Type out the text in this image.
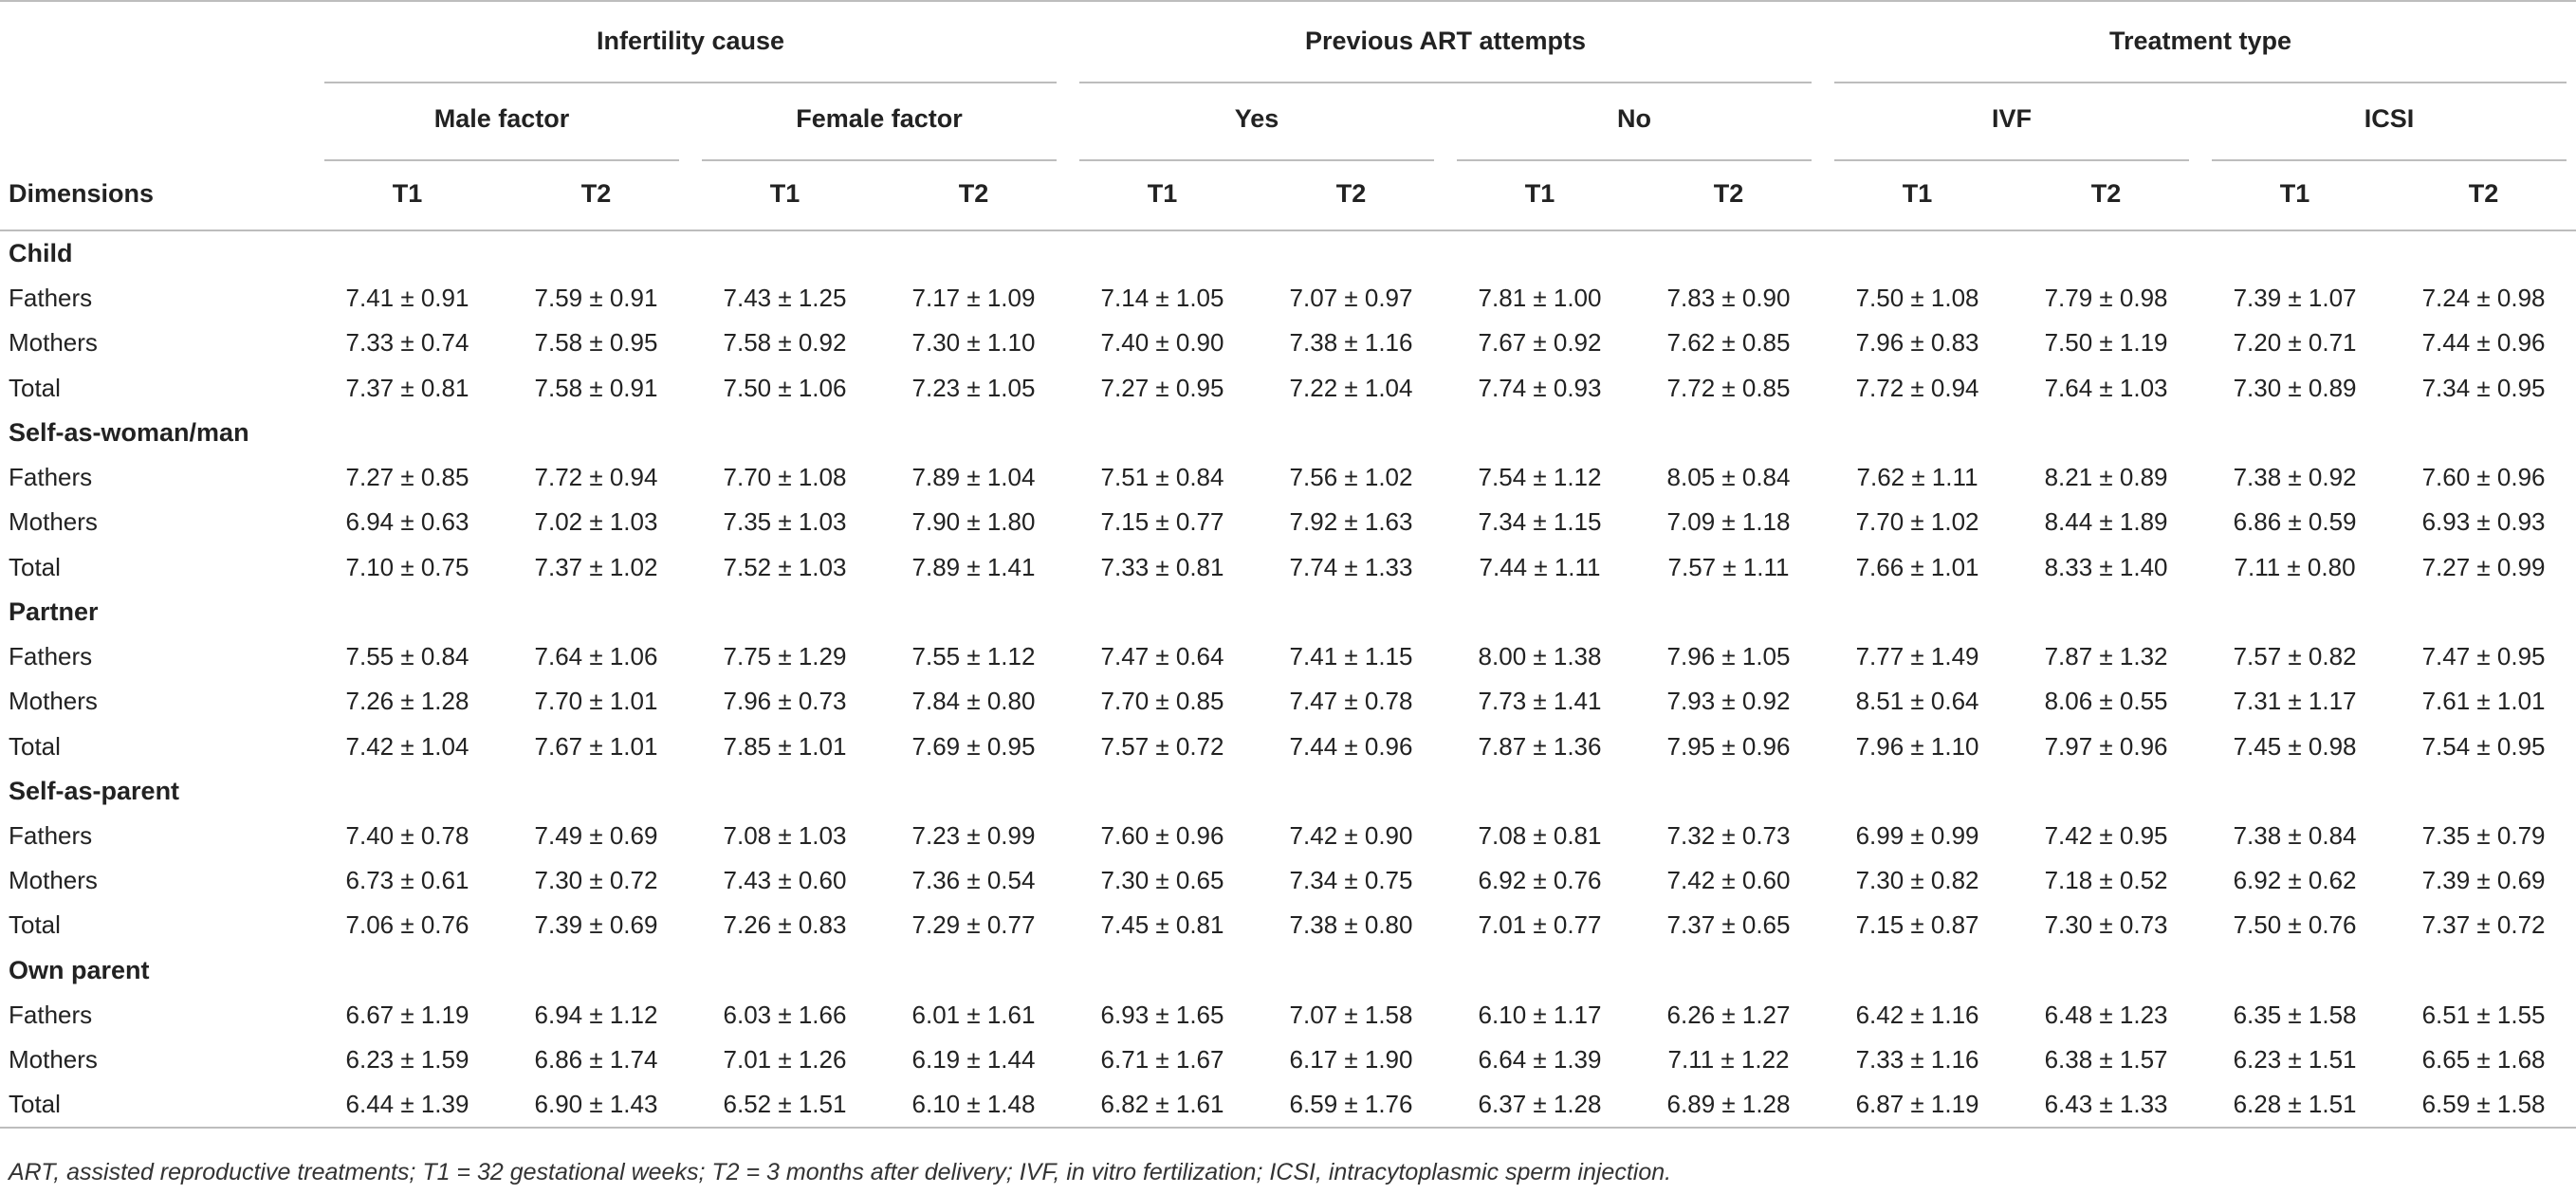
	Infertility cause				Previous ART attempts				Treatment type			

	Male factor		Female factor		Yes		No		IVF		ICSI	

Dimensions	T1	T2	T1	T2	T1	T2	T1	T2	T1	T2	T1	T2
Child												
Fathers	7.41 ± 0.91	7.59 ± 0.91	7.43 ± 1.25	7.17 ± 1.09	7.14 ± 1.05	7.07 ± 0.97	7.81 ± 1.00	7.83 ± 0.90	7.50 ± 1.08	7.79 ± 0.98	7.39 ± 1.07	7.24 ± 0.98
Mothers	7.33 ± 0.74	7.58 ± 0.95	7.58 ± 0.92	7.30 ± 1.10	7.40 ± 0.90	7.38 ± 1.16	7.67 ± 0.92	7.62 ± 0.85	7.96 ± 0.83	7.50 ± 1.19	7.20 ± 0.71	7.44 ± 0.96
Total	7.37 ± 0.81	7.58 ± 0.91	7.50 ± 1.06	7.23 ± 1.05	7.27 ± 0.95	7.22 ± 1.04	7.74 ± 0.93	7.72 ± 0.85	7.72 ± 0.94	7.64 ± 1.03	7.30 ± 0.89	7.34 ± 0.95
Self-as-woman/man												
Fathers	7.27 ± 0.85	7.72 ± 0.94	7.70 ± 1.08	7.89 ± 1.04	7.51 ± 0.84	7.56 ± 1.02	7.54 ± 1.12	8.05 ± 0.84	7.62 ± 1.11	8.21 ± 0.89	7.38 ± 0.92	7.60 ± 0.96
Mothers	6.94 ± 0.63	7.02 ± 1.03	7.35 ± 1.03	7.90 ± 1.80	7.15 ± 0.77	7.92 ± 1.63	7.34 ± 1.15	7.09 ± 1.18	7.70 ± 1.02	8.44 ± 1.89	6.86 ± 0.59	6.93 ± 0.93
Total	7.10 ± 0.75	7.37 ± 1.02	7.52 ± 1.03	7.89 ± 1.41	7.33 ± 0.81	7.74 ± 1.33	7.44 ± 1.11	7.57 ± 1.11	7.66 ± 1.01	8.33 ± 1.40	7.11 ± 0.80	7.27 ± 0.99
Partner												
Fathers	7.55 ± 0.84	7.64 ± 1.06	7.75 ± 1.29	7.55 ± 1.12	7.47 ± 0.64	7.41 ± 1.15	8.00 ± 1.38	7.96 ± 1.05	7.77 ± 1.49	7.87 ± 1.32	7.57 ± 0.82	7.47 ± 0.95
Mothers	7.26 ± 1.28	7.70 ± 1.01	7.96 ± 0.73	7.84 ± 0.80	7.70 ± 0.85	7.47 ± 0.78	7.73 ± 1.41	7.93 ± 0.92	8.51 ± 0.64	8.06 ± 0.55	7.31 ± 1.17	7.61 ± 1.01
Total	7.42 ± 1.04	7.67 ± 1.01	7.85 ± 1.01	7.69 ± 0.95	7.57 ± 0.72	7.44 ± 0.96	7.87 ± 1.36	7.95 ± 0.96	7.96 ± 1.10	7.97 ± 0.96	7.45 ± 0.98	7.54 ± 0.95
Self-as-parent												
Fathers	7.40 ± 0.78	7.49 ± 0.69	7.08 ± 1.03	7.23 ± 0.99	7.60 ± 0.96	7.42 ± 0.90	7.08 ± 0.81	7.32 ± 0.73	6.99 ± 0.99	7.42 ± 0.95	7.38 ± 0.84	7.35 ± 0.79
Mothers	6.73 ± 0.61	7.30 ± 0.72	7.43 ± 0.60	7.36 ± 0.54	7.30 ± 0.65	7.34 ± 0.75	6.92 ± 0.76	7.42 ± 0.60	7.30 ± 0.82	7.18 ± 0.52	6.92 ± 0.62	7.39 ± 0.69
Total	7.06 ± 0.76	7.39 ± 0.69	7.26 ± 0.83	7.29 ± 0.77	7.45 ± 0.81	7.38 ± 0.80	7.01 ± 0.77	7.37 ± 0.65	7.15 ± 0.87	7.30 ± 0.73	7.50 ± 0.76	7.37 ± 0.72
Own parent												
Fathers	6.67 ± 1.19	6.94 ± 1.12	6.03 ± 1.66	6.01 ± 1.61	6.93 ± 1.65	7.07 ± 1.58	6.10 ± 1.17	6.26 ± 1.27	6.42 ± 1.16	6.48 ± 1.23	6.35 ± 1.58	6.51 ± 1.55
Mothers	6.23 ± 1.59	6.86 ± 1.74	7.01 ± 1.26	6.19 ± 1.44	6.71 ± 1.67	6.17 ± 1.90	6.64 ± 1.39	7.11 ± 1.22	7.33 ± 1.16	6.38 ± 1.57	6.23 ± 1.51	6.65 ± 1.68
Total	6.44 ± 1.39	6.90 ± 1.43	6.52 ± 1.51	6.10 ± 1.48	6.82 ± 1.61	6.59 ± 1.76	6.37 ± 1.28	6.89 ± 1.28	6.87 ± 1.19	6.43 ± 1.33	6.28 ± 1.51	6.59 ± 1.58
ART, assisted reproductive treatments; T1 = 32 gestational weeks; T2 = 3 months after delivery; IVF, in vitro fertilization; ICSI, intracytoplasmic sperm injection.
